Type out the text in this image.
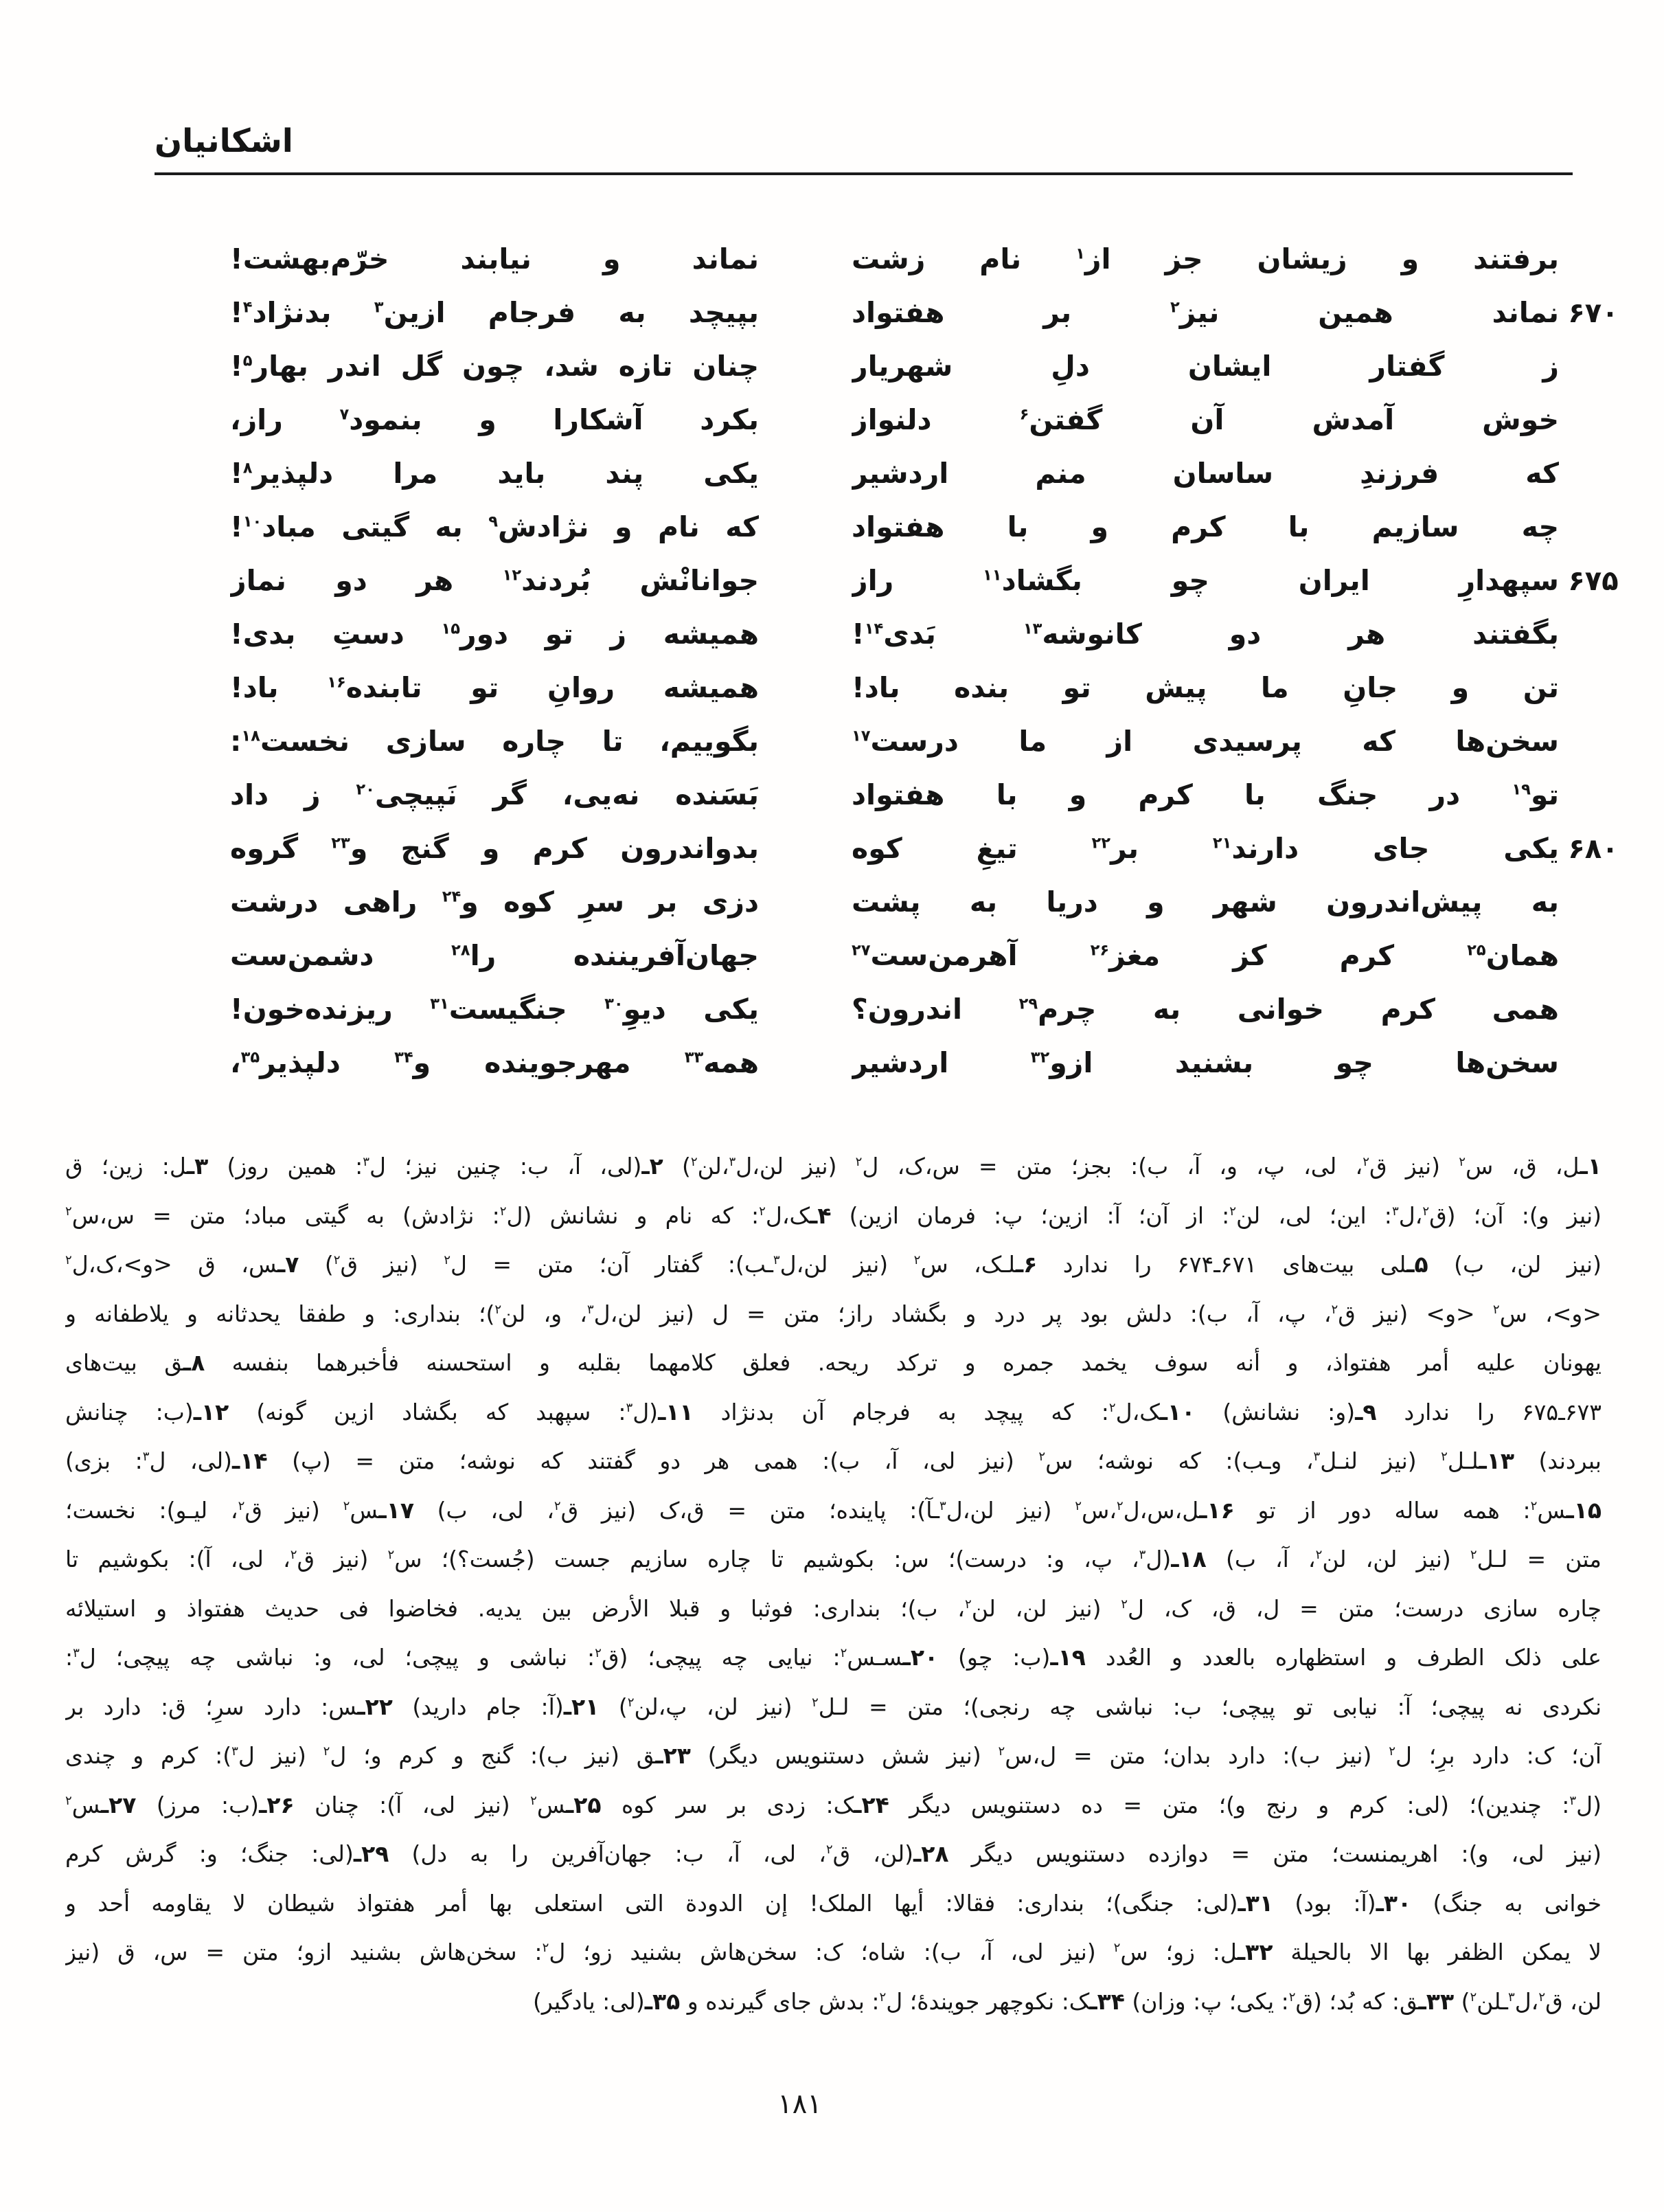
اشکانیان
برفتند و زیشان جز از$^۱$ نام زشت
نماند و نیابند خرّم‌بهشت!
۶۷۰
نماند همین نیز$^۲$ بر هفتواد
بپیچد به فرجام ازین$^۳$ بدنژاد$^۴$!
ز گفتار ایشان دلِ شهریار
چنان تازه شد، چون گل اندر بهار$^۵$!
خوش آمدش آن گفتن$^۶$ دلنواز
بکرد آشکارا و بنمود$^۷$ راز،
که فرزندِ ساسان منم اردشیر
یکی پند باید مرا دلپذیر$^۸$!
چه سازیم با کرم و با هفتواد
که نام و نژادش$^۹$ به گیتی مباد$^{۱۰}$!
۶۷۵
سپهدارِ ایران چو بگشاد$^{۱۱}$ راز
جوانانْش بُردند$^{۱۲}$ هر دو نماز
بگفتند هر دو کانوشه$^{۱۳}$ بَدی$^{۱۴}$!
همیشه ز تو دور$^{۱۵}$ دستِ بدی!
تن و جانِ ما پیش تو بنده باد!
همیشه روانِ تو تابنده$^{۱۶}$ باد!
سخن‌ها که پرسیدی از ما درست$^{۱۷}$
بگوییم، تا چاره سازی نخست$^{۱۸}$:
تو$^{۱۹}$ در جنگ با کرم و با هفتواد
بَسَنده نه‌یی، گر نَپیچی$^{۲۰}$ ز داد
۶۸۰
یکی جای دارند$^{۲۱}$ بر$^{۲۲}$ تیغِ کوه
بدواندرون کرم و گنج و$^{۲۳}$ گروه
به پیش‌اندرون شهر و دریا به پشت
دزی بر سرِ کوه و$^{۲۴}$ راهی درشت
همان$^{۲۵}$ کرم کز مغز$^{۲۶}$ آهرمن‌ست$^{۲۷}$
جهان‌آفریننده را$^{۲۸}$ دشمن‌ست
همی کرم خوانی به چرم$^{۲۹}$ اندرون؟
یکی دیوِ$^{۳۰}$ جنگیست$^{۳۱}$ ریزنده‌خون!
سخن‌ها چو بشنید ازو$^{۳۲}$ اردشیر
همه$^{۳۳}$ مهرجوینده و$^{۳۴}$ دلپذیر$^{۳۵}$،
۱ـل، ق، س$^۲$ (نیز ق$^۲$، لی، پ، و، آ، ب): بجز؛ متن = س،ک، ل$^۲$ (نیز لن،ل$^۳$،لن$^۲$) ۲ـ(لی، آ، ب: چنین نیز؛ ل$^۳$: همین روز) ۳ـل: زین؛ ق
(نیز و): آن؛ (ق$^۲$،ل$^۳$: این؛ لی، لن$^۲$: از آن؛ آ: ازین؛ پ: فرمان ازین) ۴ـک،ل$^۲$: که نام و نشانش (ل$^۲$: نژادش) به گیتی مباد؛ متن = س،س$^۲$
(نیز لن، ب) ۵ـلی بیت‌های ۶۷۱ـ۶۷۴ را ندارد ۶ـلـک، س$^۲$ (نیز لن،ل$^۳$ـب): گفتار آن؛ متن = ل$^۲$ (نیز ق$^۲$) ۷ـس، ق <و>،ک،ل$^۲$
<و>، س$^۲$ <و> (نیز ق$^۲$، پ، آ، ب): دلش بود پر درد و بگشاد راز؛ متن = ل (نیز لن،ل$^۳$، و، لن$^۲$)؛ بنداری: و طفقا یحدثانه و یلاطفانه و
یهونان علیه أمر هفتواذ، و أنه سوف یخمد جمره و ترکد ریحه. فعلق کلامهما بقلبه و استحسنه فأخبرهما بنفسه ۸ـق بیت‌های
۶۷۳ـ۶۷۵ را ندارد ۹ـ(و: نشانش) ۱۰ـک،ل$^۲$: که پیچد به فرجام آن بدنژاد ۱۱ـ(ل$^۳$: سپهبد که بگشاد ازین گونه) ۱۲ـ(ب: چنانش
ببردند) ۱۳ـلـل$^۲$ (نیز لنـل$^۳$، وـب): که نوشه؛ س$^۲$ (نیز لی، آ، ب): همی هر دو گفتند که نوشه؛ متن = (پ) ۱۴ـ(لی، ل$^۳$: بزی)
۱۵ـس$^۲$: همه ساله دور از تو ۱۶ـل،س،ل$^۲$،س$^۲$ (نیز لن،ل$^۳$ـآ): پاینده؛ متن = ق،ک (نیز ق$^۲$، لی، ب) ۱۷ـس$^۲$ (نیز ق$^۲$، لیـو): نخست؛
متن = لـل$^۲$ (نیز لن، لن$^۲$، آ، ب) ۱۸ـ(ل$^۳$، پ، و: درست)؛ س: بکوشیم تا چاره سازیم جست (جُست؟)؛ س$^۲$ (نیز ق$^۲$، لی، آ): بکوشیم تا
چاره سازی درست؛ متن = ل، ق، ک، ل$^۲$ (نیز لن، لن$^۲$، ب)؛ بنداری: فوثبا و قبلا الأرض بین یدیه. فخاضوا فی حدیث هفتواذ و استیلائه
علی ذلک الطرف و استظهاره بالعدد و العُدد ۱۹ـ(ب: چو) ۲۰ـسـس$^۲$: نیایی چه پیچی؛ (ق$^۲$: نباشی و پیچی؛ لی، و: نباشی چه پیچی؛ ل$^۳$:
نکردی نه پیچی؛ آ: نیابی تو پیچی؛ ب: نباشی چه رنجی)؛ متن = لـل$^۲$ (نیز لن، پ،لن$^۲$) ۲۱ـ(آ: جام دارید) ۲۲ـس: دارد سرِ؛ ق: دارد بر
آن؛ ک: دارد برِ؛ ل$^۲$ (نیز ب): دارد بدان؛ متن = ل،س$^۲$ (نیز شش دستنویس دیگر) ۲۳ـق (نیز ب): گنج و کرم و؛ ل$^۲$ (نیز ل$^۳$): کرم و چندی
(ل$^۳$: چندین)؛ (لی: کرم و رنج و)؛ متن = ده دستنویس دیگر ۲۴ـک: زدی بر سر کوه ۲۵ـس$^۲$ (نیز لی، آ): چنان ۲۶ـ(ب: مرز) ۲۷ـس$^۲$
(نیز لی، و): اهریمنست؛ متن = دوازده دستنویس دیگر ۲۸ـ(لن، ق$^۲$، لی، آ، ب: جهان‌آفرین را به دل) ۲۹ـ(لی: جنگ؛ و: گرش کرم
خوانی به جنگ) ۳۰ـ(آ: بود) ۳۱ـ(لی: جنگی)؛ بنداری: فقالا: أیها الملک! إن الدودة التی استعلی بها أمر هفتواذ شیطان لا یقاومه أحد و
لا یمکن الظفر بها الا بالحیلة ۳۲ـل: زو؛ س$^۲$ (نیز لی، آ، ب): شاه؛ ک: سخن‌هاش بشنید زو؛ ل$^۲$: سخن‌هاش بشنید ازو؛ متن = س، ق (نیز
لن، ق$^۲$،ل$^۳$ـلن$^۲$) ۳۳ـق: که بُد؛ (ق$^۲$: یکی؛ پ: وزان) ۳۴ـک: نکوچهر جویندۀ؛ ل$^۲$: بدش جای گیرنده و ۳۵ـ(لی: یادگیر)
۱۸۱
